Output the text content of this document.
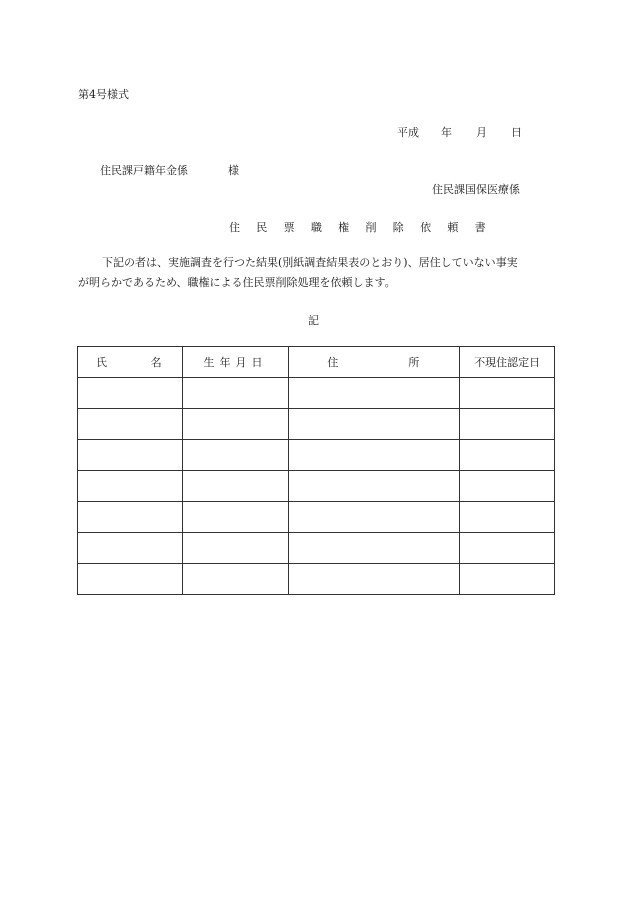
第4号様式
平成 年 月 日
住民課戸籍年金係	様
住民課国保医療係
住 民 票 職 権 削 除 依 頼 書
下記の者は、実施調査を行つた結果(別紙調査結果表のとおり)、居住していない事実
が明らかであるため、職権による住民票削除処理を依頼します。
記
氏 名	生年月日	住 所	不現住認定日
